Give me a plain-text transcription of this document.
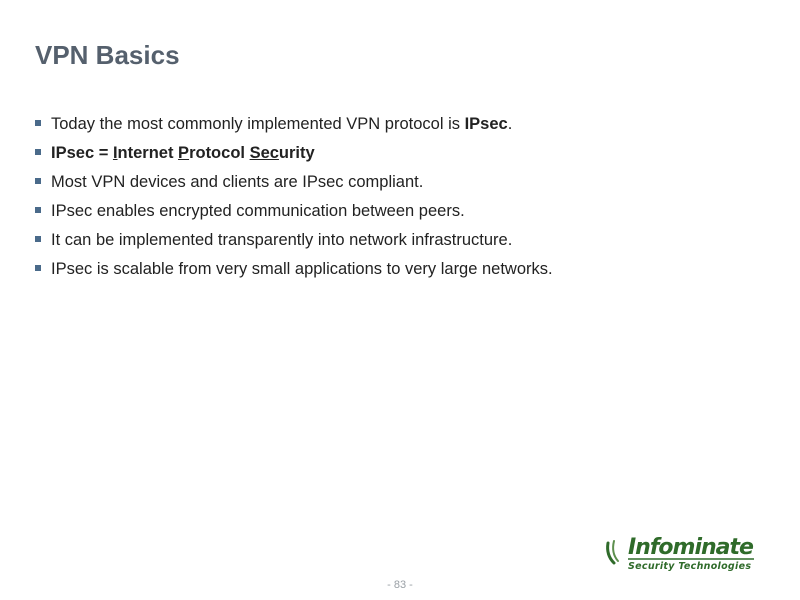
VPN Basics
Today the most commonly implemented VPN protocol is IPsec.
IPsec = Internet Protocol Security
Most VPN devices and clients are IPsec compliant.
IPsec enables encrypted communication between peers.
It can be implemented transparently into network infrastructure.
IPsec is scalable from very small applications to very large networks.
Infominate
Security Technologies
- 83 -
